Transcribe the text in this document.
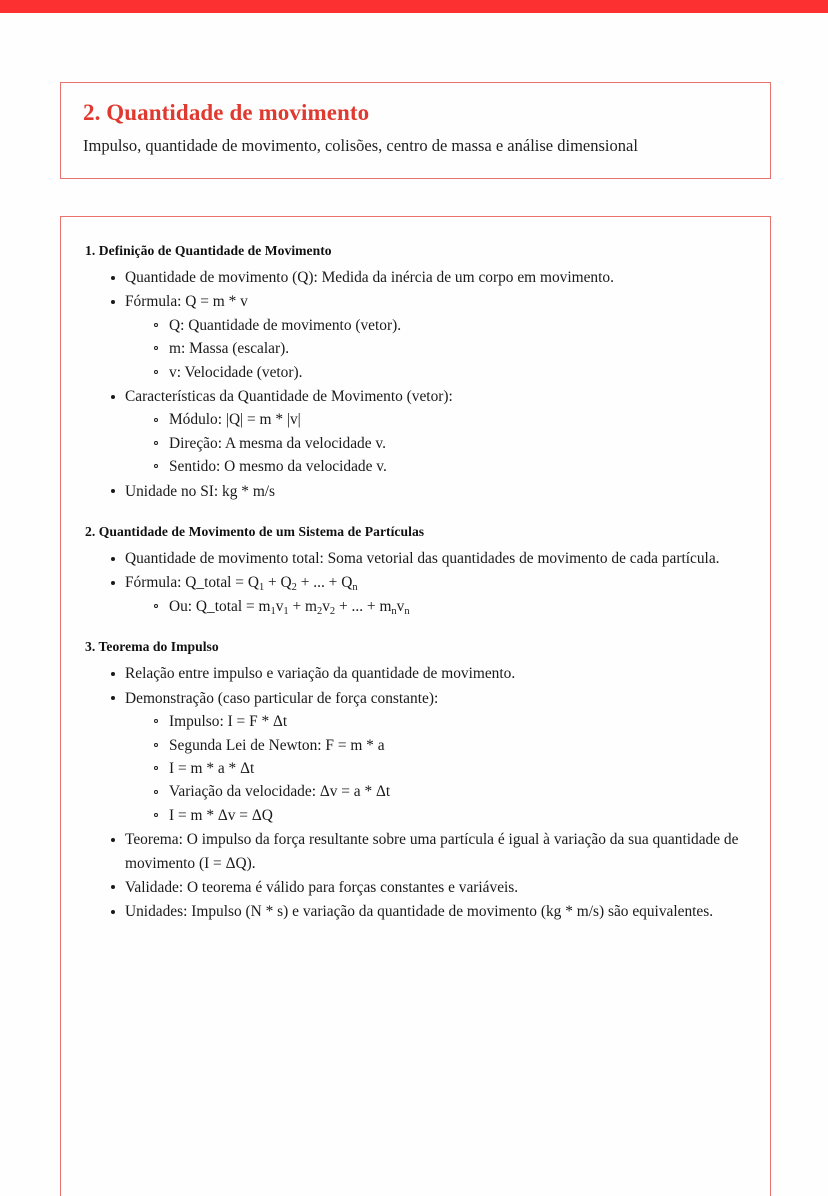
2. Quantidade de movimento

Impulso, quantidade de movimento, colisões, centro de massa e análise dimensional

1. Definição de Quantidade de Movimento
Quantidade de movimento (Q): Medida da inércia de um corpo em movimento.
Fórmula: Q = m * v
Q: Quantidade de movimento (vetor).
m: Massa (escalar).
v: Velocidade (vetor).
Características da Quantidade de Movimento (vetor):
Módulo: |Q| = m * |v|
Direção: A mesma da velocidade v.
Sentido: O mesmo da velocidade v.
Unidade no SI: kg * m/s
2. Quantidade de Movimento de um Sistema de Partículas
Quantidade de movimento total: Soma vetorial das quantidades de movimento de cada partícula.
Fórmula: Q_total = $Q_1 + Q_2$ + ... + $Q_n$
Ou: Q_total = $m_1v_1 + m_2v_2$ + ... + $m_nv_n$
3. Teorema do Impulso
Relação entre impulso e variação da quantidade de movimento.
Demonstração (caso particular de força constante):
Impulso: I = F * Δt
Segunda Lei de Newton: F = m * a
I = m * a * Δt
Variação da velocidade: Δv = a * Δt
I = m * Δv = ΔQ
Teorema: O impulso da força resultante sobre uma partícula é igual à variação da sua quantidade de movimento (I = ΔQ).
Validade: O teorema é válido para forças constantes e variáveis.
Unidades: Impulso (N * s) e variação da quantidade de movimento (kg * m/s) são equivalentes.
